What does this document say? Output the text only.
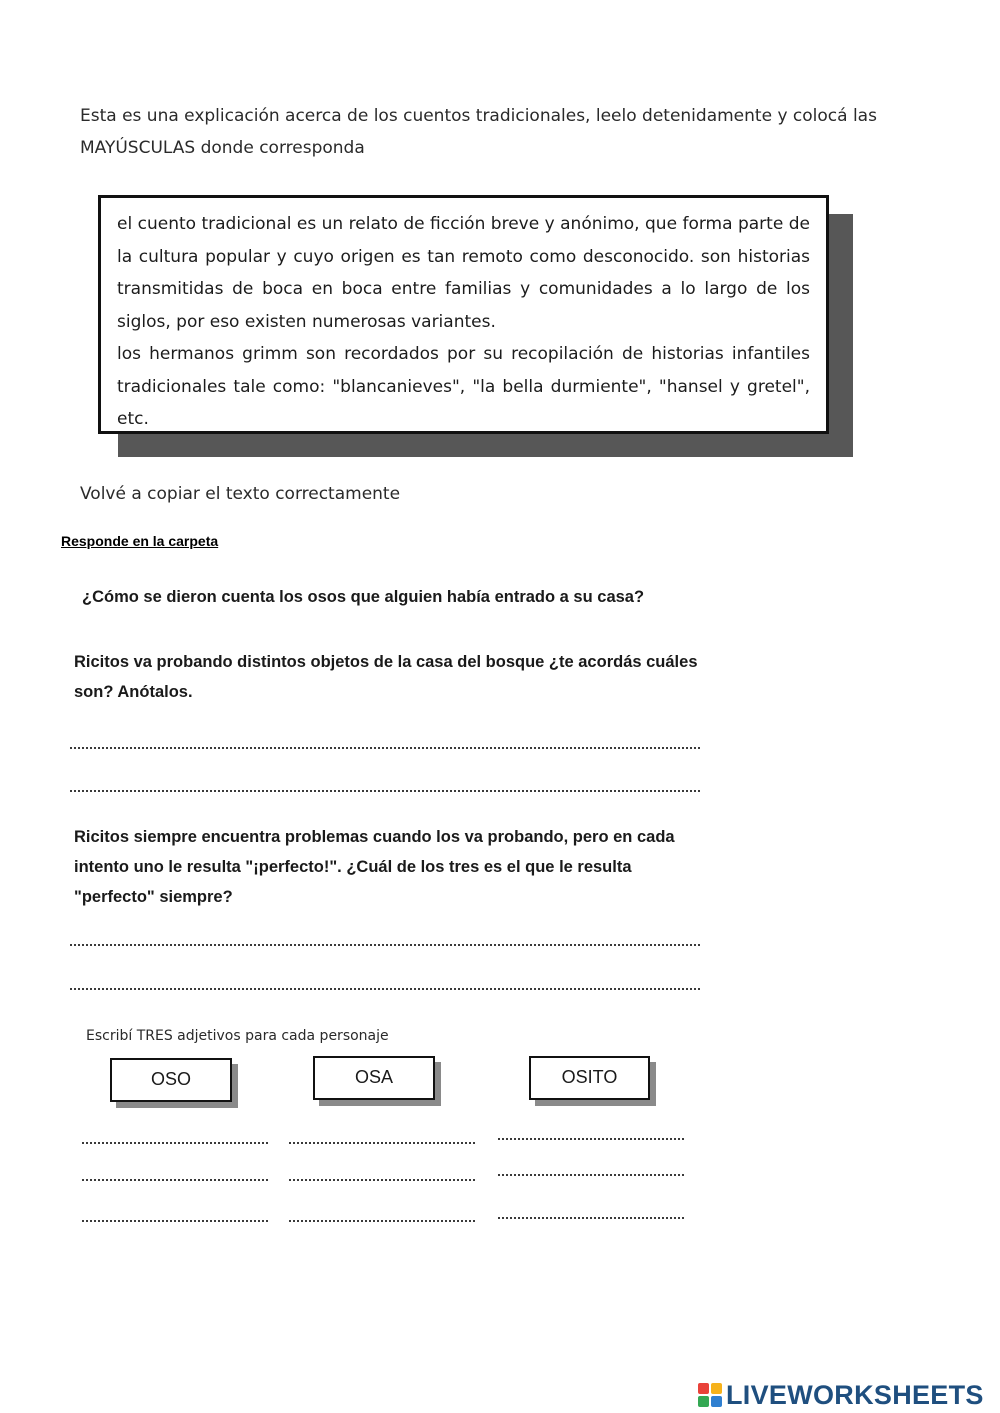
Esta es una explicación acerca de los cuentos tradicionales, leelo detenidamente y colocá las MAYÚSCULAS donde corresponda

el cuento tradicional es un relato de ficción breve y anónimo, que forma parte de la cultura popular y cuyo origen es tan remoto como desconocido. son historias transmitidas de boca en boca entre familias y comunidades a lo largo de los siglos, por eso existen numerosas variantes.

los hermanos grimm son recordados por su recopilación de historias infantiles tradicionales tale como: "blancanieves", "la bella durmiente", "hansel y gretel", etc.

Volvé a copiar el texto correctamente
Responde en la carpeta
¿Cómo se dieron cuenta los osos que alguien había entrado a su casa?
Ricitos va probando distintos objetos de la casa del bosque ¿te acordás cuáles son? Anótalos.
Ricitos siempre encuentra problemas cuando los va probando, pero en cada intento uno le resulta "¡perfecto!". ¿Cuál de los tres es el que le resulta "perfecto" siempre?
Escribí TRES adjetivos para cada personaje
OSO	OSA	OSITO
LIVEWORKSHEETS
